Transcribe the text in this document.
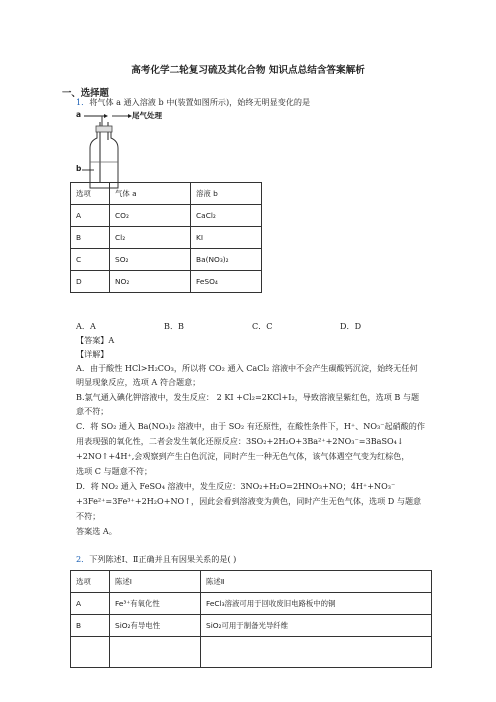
高考化学二轮复习硫及其化合物 知识点总结含答案解析
一、选择题
1．将气体 a 通入溶液 b 中(装置如图所示)，始终无明显变化的是
a	尾气处理
b
选项	气体 a	溶液 b
A	CO₂	CaCl₂
B	Cl₂	KI
C	SO₂	Ba(NO₃)₂
D	NO₂	FeSO₄
A．A	B．B	C．C	D．D
【答案】A
【详解】
A．由于酸性 HCl>H₂CO₃，所以将 CO₂ 通入 CaCl₂ 溶液中不会产生碳酸钙沉淀，始终无任何
明显现象反应，选项 A 符合题意；
B.氯气通入碘化钾溶液中，发生反应： 2 KI +Cl₂=2KCl+I₂，导致溶液呈紫红色，选项 B 与题
意不符；
C．将 SO₂ 通入 Ba(NO₃)₂ 溶液中，由于 SO₂ 有还原性，在酸性条件下，H⁺、NO₃⁻起硝酸的作
用表现强的氧化性，二者会发生氧化还原反应：3SO₂+2H₂O+3Ba²⁺+2NO₃⁻=3BaSO₄↓
+2NO↑+4H⁺,会观察到产生白色沉淀，同时产生一种无色气体，该气体遇空气变为红棕色，
选项 C 与题意不符；
D．将 NO₂ 通入 FeSO₄ 溶液中，发生反应：3NO₂+H₂O=2HNO₃+NO；4H⁺+NO₃⁻
+3Fe²⁺=3Fe³⁺+2H₂O+NO↑，因此会看到溶液变为黄色，同时产生无色气体，选项 D 与题意
不符；
答案选 A。
2．下列陈述Ⅰ、Ⅱ正确并且有因果关系的是( )
选项	陈述Ⅰ	陈述Ⅱ
A	Fe³⁺有氧化性	FeCl₃溶液可用于回收废旧电路板中的铜
B	SiO₂有导电性	SiO₂可用于制备光导纤维
